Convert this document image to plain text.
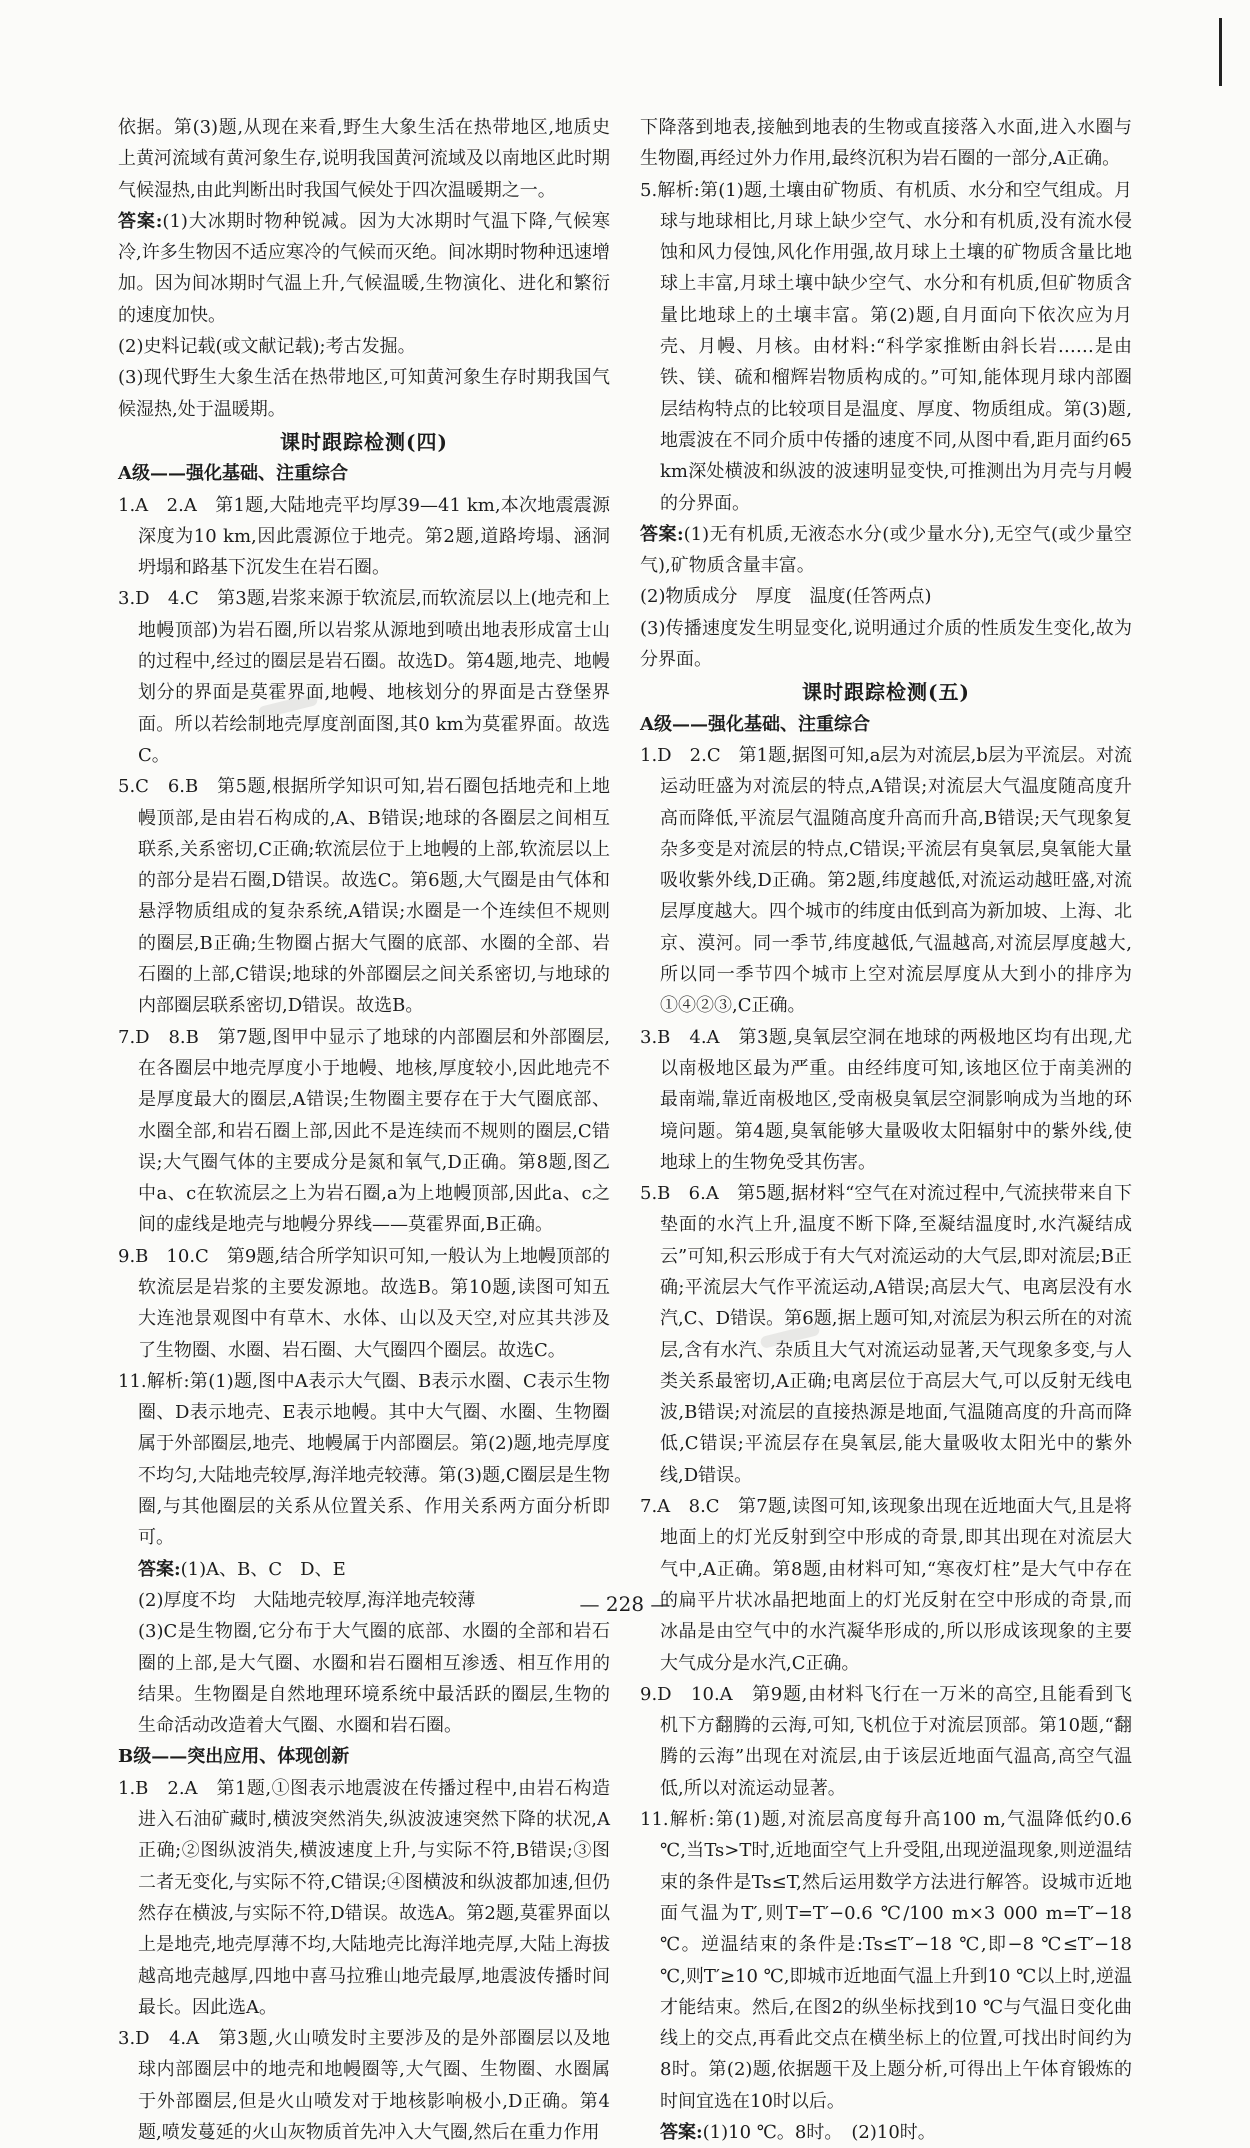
依据。第(3)题,从现在来看,野生大象生活在热带地区,地质史上黄河流域有黄河象生存,说明我国黄河流域及以南地区此时期气候湿热,由此判断出时我国气候处于四次温暖期之一。
答案:(1)大冰期时物种锐减。因为大冰期时气温下降,气候寒冷,许多生物因不适应寒冷的气候而灭绝。间冰期时物种迅速增加。因为间冰期时气温上升,气候温暖,生物演化、进化和繁衍的速度加快。
(2)史料记载(或文献记载);考古发掘。
(3)现代野生大象生活在热带地区,可知黄河象生存时期我国气候湿热,处于温暖期。
课时跟踪检测(四)
A级——强化基础、注重综合
1.A　2.A　第1题,大陆地壳平均厚39—41 km,本次地震震源深度为10 km,因此震源位于地壳。第2题,道路垮塌、涵洞坍塌和路基下沉发生在岩石圈。
3.D　4.C　第3题,岩浆来源于软流层,而软流层以上(地壳和上地幔顶部)为岩石圈,所以岩浆从源地到喷出地表形成富士山的过程中,经过的圈层是岩石圈。故选D。第4题,地壳、地幔划分的界面是莫霍界面,地幔、地核划分的界面是古登堡界面。所以若绘制地壳厚度剖面图,其0 km为莫霍界面。故选C。
5.C　6.B　第5题,根据所学知识可知,岩石圈包括地壳和上地幔顶部,是由岩石构成的,A、B错误;地球的各圈层之间相互联系,关系密切,C正确;软流层位于上地幔的上部,软流层以上的部分是岩石圈,D错误。故选C。第6题,大气圈是由气体和悬浮物质组成的复杂系统,A错误;水圈是一个连续但不规则的圈层,B正确;生物圈占据大气圈的底部、水圈的全部、岩石圈的上部,C错误;地球的外部圈层之间关系密切,与地球的内部圈层联系密切,D错误。故选B。
7.D　8.B　第7题,图甲中显示了地球的内部圈层和外部圈层,在各圈层中地壳厚度小于地幔、地核,厚度较小,因此地壳不是厚度最大的圈层,A错误;生物圈主要存在于大气圈底部、水圈全部,和岩石圈上部,因此不是连续而不规则的圈层,C错误;大气圈气体的主要成分是氮和氧气,D正确。第8题,图乙中a、c在软流层之上为岩石圈,a为上地幔顶部,因此a、c之间的虚线是地壳与地幔分界线——莫霍界面,B正确。
9.B　10.C　第9题,结合所学知识可知,一般认为上地幔顶部的软流层是岩浆的主要发源地。故选B。第10题,读图可知五大连池景观图中有草木、水体、山以及天空,对应其共涉及了生物圈、水圈、岩石圈、大气圈四个圈层。故选C。
11.解析:第(1)题,图中A表示大气圈、B表示水圈、C表示生物圈、D表示地壳、E表示地幔。其中大气圈、水圈、生物圈属于外部圈层,地壳、地幔属于内部圈层。第(2)题,地壳厚度不均匀,大陆地壳较厚,海洋地壳较薄。第(3)题,C圈层是生物圈,与其他圈层的关系从位置关系、作用关系两方面分析即可。
答案:(1)A、B、C　D、E
(2)厚度不均　大陆地壳较厚,海洋地壳较薄
(3)C是生物圈,它分布于大气圈的底部、水圈的全部和岩石圈的上部,是大气圈、水圈和岩石圈相互渗透、相互作用的结果。生物圈是自然地理环境系统中最活跃的圈层,生物的生命活动改造着大气圈、水圈和岩石圈。
B级——突出应用、体现创新
1.B　2.A　第1题,①图表示地震波在传播过程中,由岩石构造进入石油矿藏时,横波突然消失,纵波波速突然下降的状况,A正确;②图纵波消失,横波速度上升,与实际不符,B错误;③图二者无变化,与实际不符,C错误;④图横波和纵波都加速,但仍然存在横波,与实际不符,D错误。故选A。第2题,莫霍界面以上是地壳,地壳厚薄不均,大陆地壳比海洋地壳厚,大陆上海拔越高地壳越厚,四地中喜马拉雅山地壳最厚,地震波传播时间最长。因此选A。
3.D　4.A　第3题,火山喷发时主要涉及的是外部圈层以及地球内部圈层中的地壳和地幔圈等,大气圈、生物圈、水圈属于外部圈层,但是火山喷发对于地核影响极小,D正确。第4题,喷发蔓延的火山灰物质首先冲入大气圈,然后在重力作用
下降落到地表,接触到地表的生物或直接落入水面,进入水圈与生物圈,再经过外力作用,最终沉积为岩石圈的一部分,A正确。
5.解析:第(1)题,土壤由矿物质、有机质、水分和空气组成。月球与地球相比,月球上缺少空气、水分和有机质,没有流水侵蚀和风力侵蚀,风化作用强,故月球上土壤的矿物质含量比地球上丰富,月球土壤中缺少空气、水分和有机质,但矿物质含量比地球上的土壤丰富。第(2)题,自月面向下依次应为月壳、月幔、月核。由材料:“科学家推断由斜长岩……是由铁、镁、硫和榴辉岩物质构成的。”可知,能体现月球内部圈层结构特点的比较项目是温度、厚度、物质组成。第(3)题,地震波在不同介质中传播的速度不同,从图中看,距月面约65 km深处横波和纵波的波速明显变快,可推测出为月壳与月幔的分界面。
答案:(1)无有机质,无液态水分(或少量水分),无空气(或少量空气),矿物质含量丰富。
(2)物质成分　厚度　温度(任答两点)
(3)传播速度发生明显变化,说明通过介质的性质发生变化,故为分界面。
课时跟踪检测(五)
A级——强化基础、注重综合
1.D　2.C　第1题,据图可知,a层为对流层,b层为平流层。对流运动旺盛为对流层的特点,A错误;对流层大气温度随高度升高而降低,平流层气温随高度升高而升高,B错误;天气现象复杂多变是对流层的特点,C错误;平流层有臭氧层,臭氧能大量吸收紫外线,D正确。第2题,纬度越低,对流运动越旺盛,对流层厚度越大。四个城市的纬度由低到高为新加坡、上海、北京、漠河。同一季节,纬度越低,气温越高,对流层厚度越大,所以同一季节四个城市上空对流层厚度从大到小的排序为①④②③,C正确。
3.B　4.A　第3题,臭氧层空洞在地球的两极地区均有出现,尤以南极地区最为严重。由经纬度可知,该地区位于南美洲的最南端,靠近南极地区,受南极臭氧层空洞影响成为当地的环境问题。第4题,臭氧能够大量吸收太阳辐射中的紫外线,使地球上的生物免受其伤害。
5.B　6.A　第5题,据材料“空气在对流过程中,气流挟带来自下垫面的水汽上升,温度不断下降,至凝结温度时,水汽凝结成云”可知,积云形成于有大气对流运动的大气层,即对流层;B正确;平流层大气作平流运动,A错误;高层大气、电离层没有水汽,C、D错误。第6题,据上题可知,对流层为积云所在的对流层,含有水汽、杂质且大气对流运动显著,天气现象多变,与人类关系最密切,A正确;电离层位于高层大气,可以反射无线电波,B错误;对流层的直接热源是地面,气温随高度的升高而降低,C错误;平流层存在臭氧层,能大量吸收太阳光中的紫外线,D错误。
7.A　8.C　第7题,读图可知,该现象出现在近地面大气,且是将地面上的灯光反射到空中形成的奇景,即其出现在对流层大气中,A正确。第8题,由材料可知,“寒夜灯柱”是大气中存在的扁平片状冰晶把地面上的灯光反射在空中形成的奇景,而冰晶是由空气中的水汽凝华形成的,所以形成该现象的主要大气成分是水汽,C正确。
9.D　10.A　第9题,由材料飞行在一万米的高空,且能看到飞机下方翻腾的云海,可知,飞机位于对流层顶部。第10题,“翻腾的云海”出现在对流层,由于该层近地面气温高,高空气温低,所以对流运动显著。
11.解析:第(1)题,对流层高度每升高100 m,气温降低约0.6 ℃,当Ts>T时,近地面空气上升受阻,出现逆温现象,则逆温结束的条件是Ts≤T,然后运用数学方法进行解答。设城市近地面气温为T′,则T=T′−0.6 ℃/100 m×3 000 m=T′−18 ℃。逆温结束的条件是:Ts≤T′−18 ℃,即−8 ℃≤T′−18 ℃,则T′≥10 ℃,即城市近地面气温上升到10 ℃以上时,逆温才能结束。然后,在图2的纵坐标找到10 ℃与气温日变化曲线上的交点,再看此交点在横坐标上的位置,可找出时间约为8时。第(2)题,依据题干及上题分析,可得出上午体育锻炼的时间宜选在10时以后。
答案:(1)10 ℃。8时。　(2)10时。
— 228 —
